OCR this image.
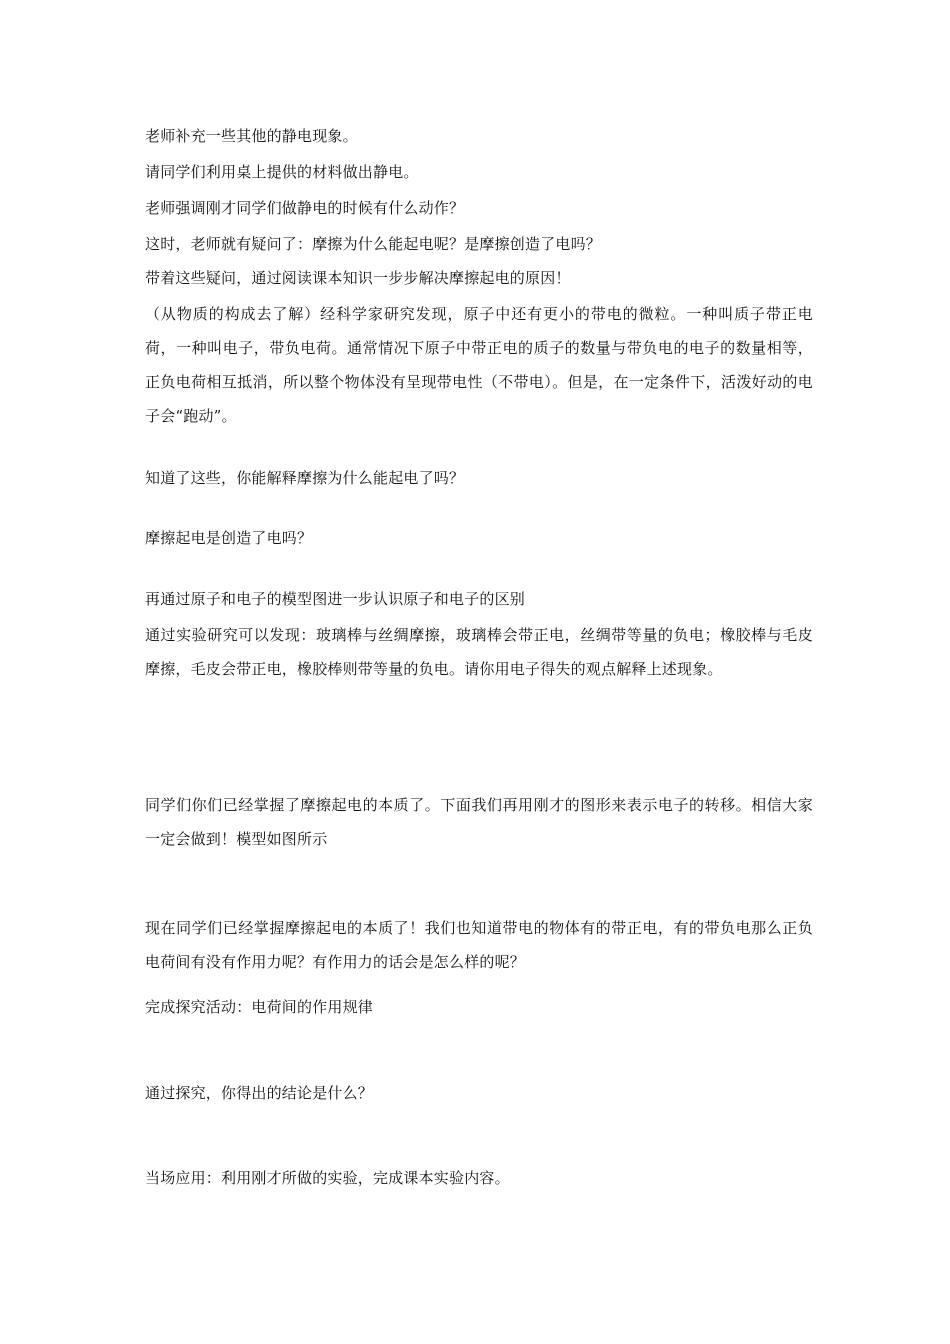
老师补充一些其他的静电现象。
请同学们利用桌上提供的材料做出静电。
老师强调刚才同学们做静电的时候有什么动作？
这时，老师就有疑问了：摩擦为什么能起电呢？是摩擦创造了电吗？
带着这些疑问，通过阅读课本知识一步步解决摩擦起电的原因！
（从物质的构成去了解）经科学家研究发现，原子中还有更小的带电的微粒。一种叫质子带正电荷，一种叫电子，带负电荷。通常情况下原子中带正电的质子的数量与带负电的电子的数量相等，正负电荷相互抵消，所以整个物体没有呈现带电性（不带电）。但是，在一定条件下，活泼好动的电子会“跑动”。
知道了这些，你能解释摩擦为什么能起电了吗？
摩擦起电是创造了电吗？
再通过原子和电子的模型图进一步认识原子和电子的区别
通过实验研究可以发现：玻璃棒与丝绸摩擦，玻璃棒会带正电，丝绸带等量的负电；橡胶棒与毛皮摩擦，毛皮会带正电，橡胶棒则带等量的负电。请你用电子得失的观点解释上述现象。
同学们你们已经掌握了摩擦起电的本质了。下面我们再用刚才的图形来表示电子的转移。相信大家一定会做到！模型如图所示
现在同学们已经掌握摩擦起电的本质了！我们也知道带电的物体有的带正电，有的带负电那么正负电荷间有没有作用力呢？有作用力的话会是怎么样的呢？
完成探究活动：电荷间的作用规律
通过探究，你得出的结论是什么？
当场应用：利用刚才所做的实验，完成课本实验内容。
